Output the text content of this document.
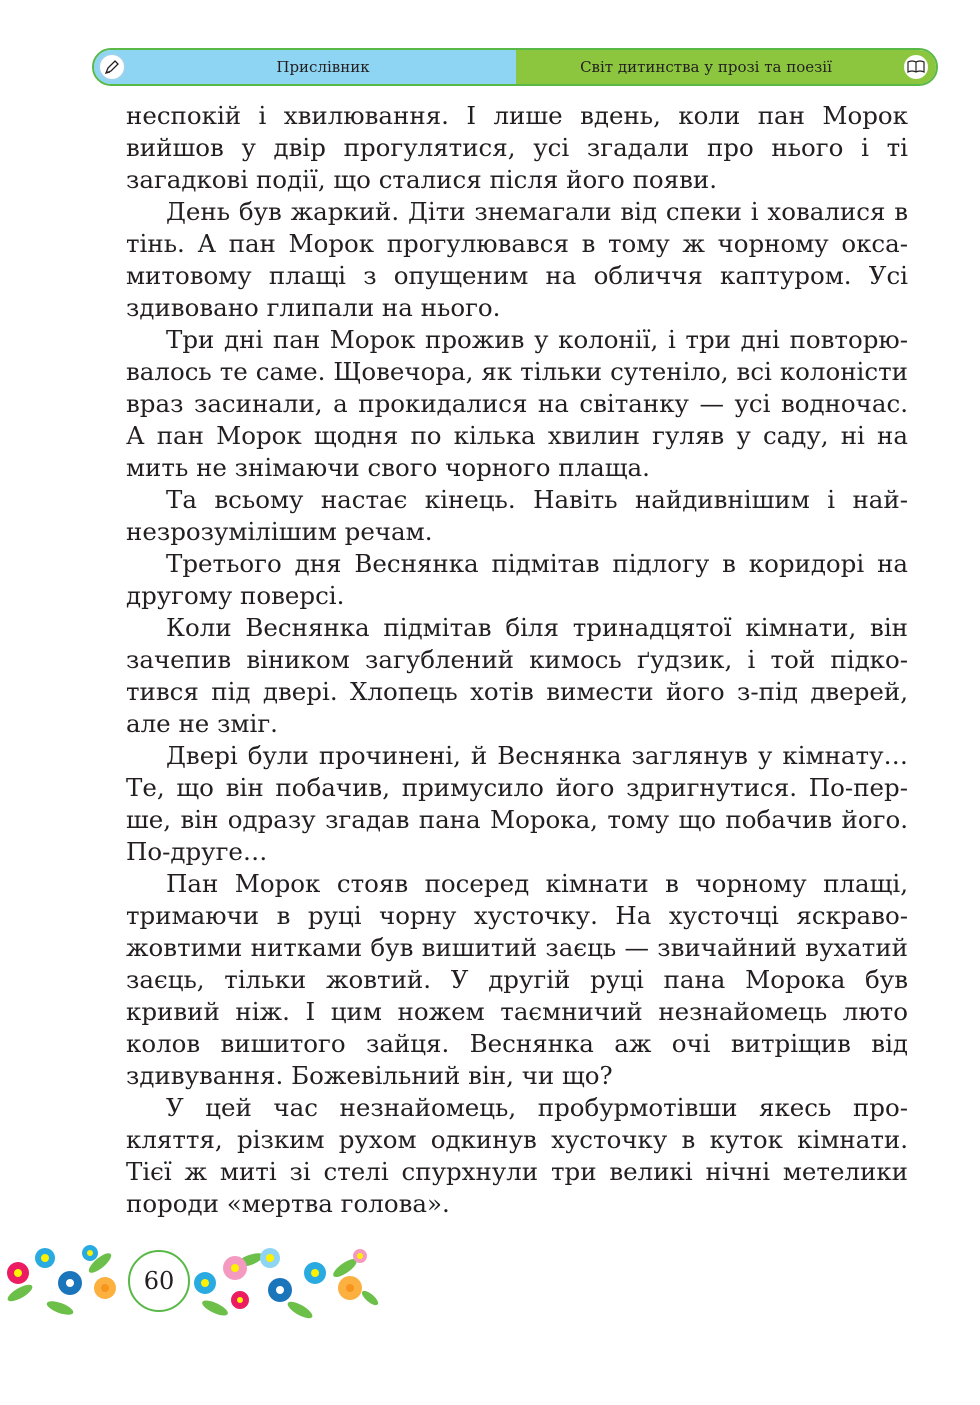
Прислівник	Світ дитинства у прозі та поезії

неспокій і хвилювання. І лише вдень, коли пан Морок вийшов у двір прогулятися, усі згадали про нього і ті загадкові події, що сталися після його появи.

День був жаркий. Діти знемагали від спеки і ховалися в тінь. А пан Морок прогулювався в тому ж чорному оксамитовому плащі з опущеним на обличчя каптуром. Усі здивовано глипали на нього.

Три дні пан Морок прожив у колонії, і три дні повторювалось те саме. Щовечора, як тільки сутеніло, всі колоністи враз засинали, а прокидалися на світанку — усі водночас. А пан Морок щодня по кілька хвилин гуляв у саду, ні на мить не знімаючи свого чорного плаща.

Та всьому настає кінець. Навіть найдивнішим і найнезрозумілішим речам.

Третього дня Веснянка підмітав підлогу в коридорі на другому поверсі.

Коли Веснянка підмітав біля тринадцятої кімнати, він зачепив віником загублений кимось ґудзик, і той підкотився під двері. Хлопець хотів вимести його з-під дверей, але не зміг.

Двері були прочинені, й Веснянка заглянув у кімнату… Те, що він побачив, примусило його здригнутися. По-перше, він одразу згадав пана Морока, тому що побачив його. По-друге…

Пан Морок стояв посеред кімнати в чорному плащі, тримаючи в руці чорну хусточку. На хусточці яскраво-жовтими нитками був вишитий заєць — звичайний вухатий заєць, тільки жовтий. У другій руці пана Морока був кривий ніж. І цим ножем таємничий незнайомець люто колов вишитого зайця. Веснянка аж очі витріщив від здивування. Божевільний він, чи що?

У цей час незнайомець, пробурмотівши якесь прокляття, різким рухом одкинув хусточку в куток кімнати. Тієї ж миті зі стелі спурхнули три великі нічні метелики породи «мертва голова».

60
